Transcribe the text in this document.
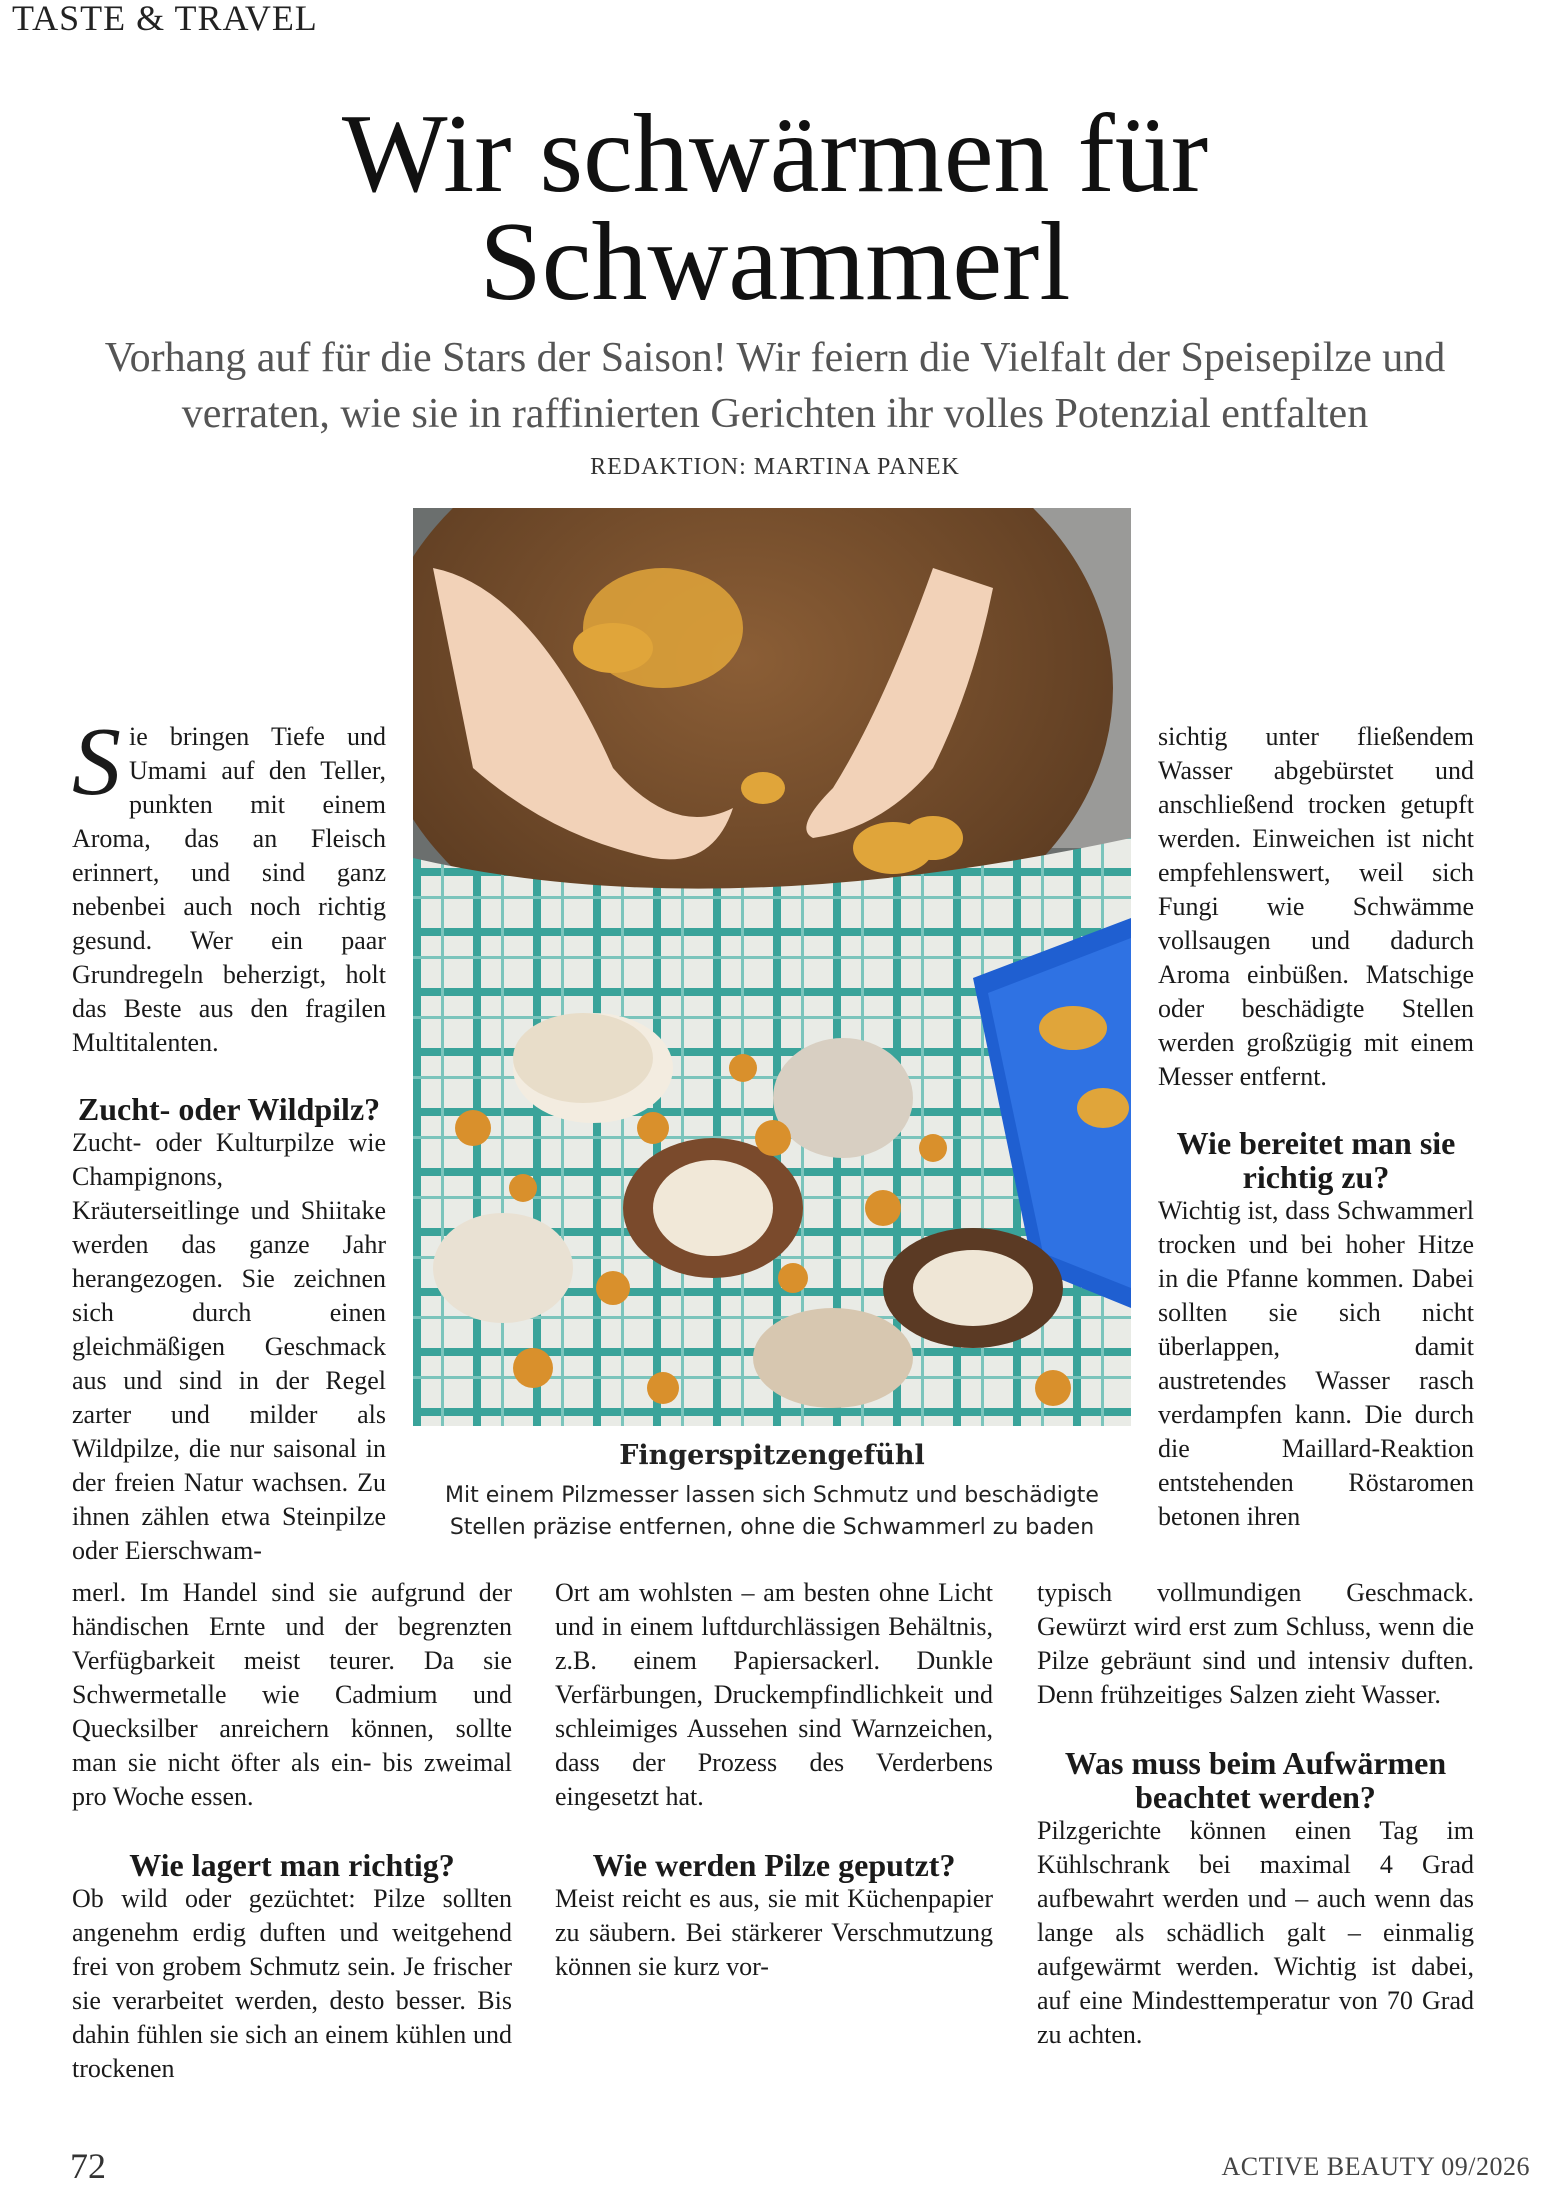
TASTE & TRAVEL
Wir schwärmen für
Schwammerl
Vorhang auf für die Stars der Saison! Wir feiern die Vielfalt der Speisepilze und verraten, wie sie in raffinierten Gerichten ihr volles Potenzial entfalten
REDAKTION: MARTINA PANEK
Fingerspitzengefühl
Mit einem Pilzmesser lassen sich Schmutz und beschädigte Stellen präzise entfernen, ohne die Schwammerl zu baden

Sie bringen Tiefe und Umami auf den Teller, punkten mit einem Aroma, das an Fleisch erinnert, und sind ganz nebenbei auch noch richtig gesund. Wer ein paar Grundregeln beherzigt, holt das Beste aus den fragilen Multitalenten.

Zucht- oder Wildpilz?

Zucht- oder Kulturpilze wie Champignons, Kräuterseitlinge und Shiitake werden das ganze Jahr herangezogen. Sie zeichnen sich durch einen gleichmäßigen Geschmack aus und sind in der Regel zarter und milder als Wildpilze, die nur saisonal in der freien Natur wachsen. Zu ihnen zählen etwa Steinpilze oder Eierschwam-

merl. Im Handel sind sie aufgrund der händischen Ernte und der begrenzten Verfügbarkeit meist teurer. Da sie Schwermetalle wie Cadmium und Quecksilber anreichern können, sollte man sie nicht öfter als ein- bis zweimal pro Woche essen.

Wie lagert man richtig?

Ob wild oder gezüchtet: Pilze sollten angenehm erdig duften und weitgehend frei von grobem Schmutz sein. Je frischer sie verarbeitet werden, desto besser. Bis dahin fühlen sie sich an einem kühlen und trockenen

Ort am wohlsten – am besten ohne Licht und in einem luftdurchlässigen Behältnis, z.B. einem Papiersackerl. Dunkle Verfärbungen, Druckempfindlichkeit und schleimiges Aussehen sind Warnzeichen, dass der Prozess des Verderbens eingesetzt hat.

Wie werden Pilze geputzt?

Meist reicht es aus, sie mit Küchenpapier zu säubern. Bei stärkerer Verschmutzung können sie kurz vor-

sichtig unter fließendem Wasser abgebürstet und anschließend trocken getupft werden. Einweichen ist nicht empfehlenswert, weil sich Fungi wie Schwämme vollsaugen und dadurch Aroma einbüßen. Matschige oder beschädigte Stellen werden großzügig mit einem Messer entfernt.

Wie bereitet man sie richtig zu?

Wichtig ist, dass Schwammerl trocken und bei hoher Hitze in die Pfanne kommen. Dabei sollten sie sich nicht überlappen, damit austretendes Wasser rasch verdampfen kann. Die durch die Maillard-Reaktion entstehenden Röstaromen betonen ihren

typisch vollmundigen Geschmack. Gewürzt wird erst zum Schluss, wenn die Pilze gebräunt sind und intensiv duften. Denn frühzeitiges Salzen zieht Wasser.

Was muss beim Aufwärmen beachtet werden?

Pilzgerichte können einen Tag im Kühlschrank bei maximal 4 Grad aufbewahrt werden und – auch wenn das lange als schädlich galt – einmalig aufgewärmt werden. Wichtig ist dabei, auf eine Mindesttemperatur von 70 Grad zu achten.

72	ACTIVE BEAUTY 09/2026
